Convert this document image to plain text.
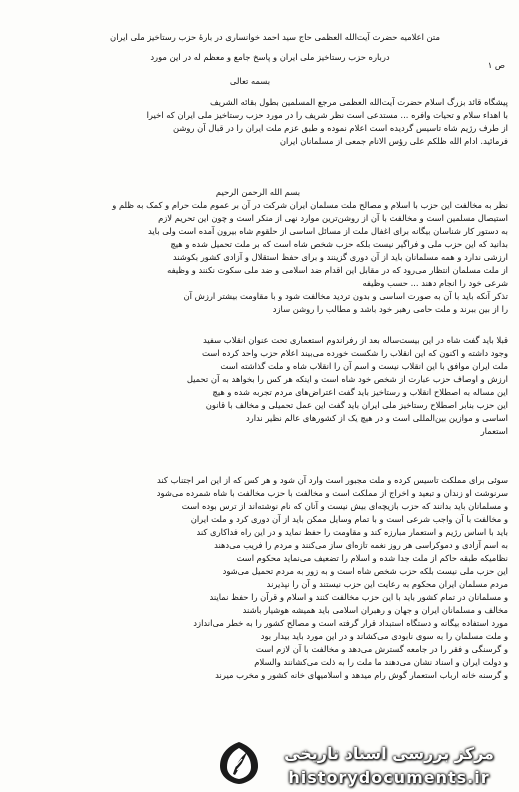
متن اعلامیه حضرت آیت‌الله العظمی حاج سید احمد خوانساری در بارهٔ حزب رستاخیز ملی ایران
درباره حزب رستاخیز ملی ایران و پاسخ جامع و معظم له در این مورد
ص ۱
بسمه تعالی
پیشگاه قائد بزرگ اسلام حضرت آیت‌الله العظمی مرجع المسلمین بطول بقائه الشریف
با اهداء سلام و تحیات وافره ... مستدعی است نظر شریف را در مورد حزب رستاخیز ملی ایران که اخیرا
از طرف رژیم شاه تاسیس گردیده است اعلام نموده و طبق عزم ملت ایران را در قبال آن روشن
فرمائید. ادام الله ظلکم علی رؤس الانام جمعی از مسلمانان ایران
بسم الله الرحمن الرحیم
نظر به مخالفت این حزب با اسلام و مصالح ملت مسلمان ایران شرکت در آن بر عموم ملت حرام و کمک به ظلم و
استیصال مسلمین است و مخالفت با آن از روشن‌ترین موارد نهی از منکر است و چون این تحریم لازم
به دستور کار شناسان بیگانه برای اغفال ملت از مسائل اساسی از حلقوم شاه بیرون آمده است ولی باید
بدانید که این حزب ملی و فراگیر نیست بلکه حزب شخص شاه است که بر ملت تحمیل شده و هیچ
ارزشی ندارد و همه مسلمانان باید از آن دوری گزینند و برای حفظ استقلال و آزادی کشور بکوشند
از ملت مسلمان انتظار می‌رود که در مقابل این اقدام ضد اسلامی و ضد ملی سکوت نکنند و وظیفه
شرعی خود را انجام دهند ... حسب وظیفه
تذکر آنکه باید با آن به صورت اساسی و بدون تردید مخالفت شود و با مقاومت بیشتر ارزش آن
را از بین ببرند و ملت حامی رهبر خود باشد و مطالب را روشن سازد
قبلا باید گفت شاه در این بیست‌ساله بعد از رفراندوم استعماری تحت عنوان انقلاب سفید
وجود داشته و اکنون که این انقلاب را شکست خورده می‌بیند اعلام حزب واحد کرده است
ملت ایران موافق با این انقلاب نیست و اسم آن را انقلاب شاه و ملت گذاشته است
ارزش و اوصاف حزب عبارت از شخص خود شاه است و اینکه هر کس را بخواهد به آن تحمیل
این مساله به اصطلاح انقلاب و رستاخیز باید گفت اعتراض‌های مردم تجربه شده و هیچ
این حزب بنابر اصطلاح رستاخیز ملی ایران باید گفت این عمل تحمیلی و مخالف با قانون
اساسی و موازین بین‌المللی است و در هیچ یک از کشورهای عالم نظیر ندارد
استعمار
سوئی برای مملکت تاسیس کرده و ملت مجبور است وارد آن شود و هر کس که از این امر اجتناب کند
سرنوشت او زندان و تبعید و اخراج از مملکت است و مخالفت با حزب مخالفت با شاه شمرده می‌شود
و مسلمانان باید بدانند که حزب بازیچه‌ای بیش نیست و آنان که نام نوشته‌اند از ترس بوده است
و مخالفت با آن واجب شرعی است و با تمام وسایل ممکن باید از آن دوری کرد و ملت ایران
باید با اساس رژیم و استعمار مبارزه کند و مقاومت را حفظ نماید و در این راه فداکاری کند
به اسم آزادی و دموکراسی هر روز نغمه تازه‌ای ساز می‌کنند و مردم را فریب می‌دهند
نظامیکه طبقه حاکم از ملت جدا شده و اسلام را تضعیف می‌نماید محکوم است
این حزب ملی نیست بلکه حزب شخص شاه است و به زور به مردم تحمیل می‌شود
مردم مسلمان ایران محکوم به رعایت این حزب نیستند و آن را نپذیرند
و مسلمانان در تمام کشور باید با این حزب مخالفت کنند و اسلام و قرآن را حفظ نمایند
مخالف و مسلمانان ایران و جهان و رهبران اسلامی باید همیشه هوشیار باشند
مورد استفاده بیگانه و دستگاه استبداد قرار گرفته است و مصالح کشور را به خطر می‌اندازد
و ملت مسلمان را به سوی نابودی می‌کشاند و در این مورد باید بیدار بود
و گرسنگی و فقر را در جامعه گسترش می‌دهد و مخالفت با آن لازم است
و دولت ایران و اسناد نشان می‌دهند ما ملت را به ذلت می‌کشانند والسلام
و گرسنه خانه ارباب استعمار گوش رام میدهد و اسلامیهای خانه کشور و مخرب میرند
مرکز بررسی اسناد تاریخی
historydocuments.ir
